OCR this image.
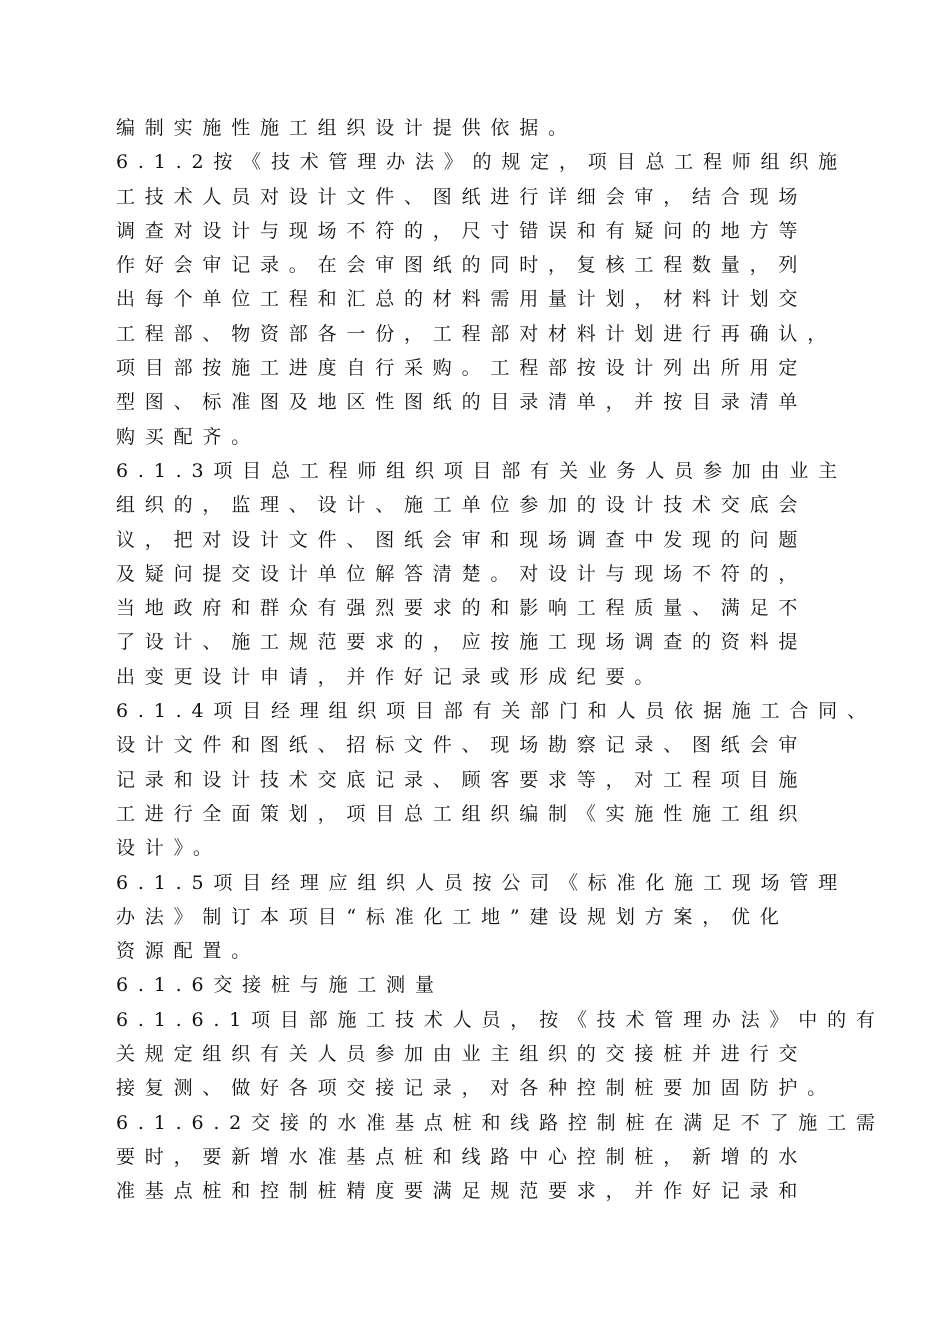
编制实施性施工组织设计提供依据。
6.1.2按《技术管理办法》的规定，项目总工程师组织施
工技术人员对设计文件、图纸进行详细会审，结合现场
调查对设计与现场不符的，尺寸错误和有疑问的地方等
作好会审记录。在会审图纸的同时，复核工程数量，列
出每个单位工程和汇总的材料需用量计划，材料计划交
工程部、物资部各一份，工程部对材料计划进行再确认，
项目部按施工进度自行采购。工程部按设计列出所用定
型图、标准图及地区性图纸的目录清单，并按目录清单
购买配齐。
6.1.3项目总工程师组织项目部有关业务人员参加由业主
组织的，监理、设计、施工单位参加的设计技术交底会
议，把对设计文件、图纸会审和现场调查中发现的问题
及疑问提交设计单位解答清楚。对设计与现场不符的，
当地政府和群众有强烈要求的和影响工程质量、满足不
了设计、施工规范要求的，应按施工现场调查的资料提
出变更设计申请，并作好记录或形成纪要。
6.1.4项目经理组织项目部有关部门和人员依据施工合同、
设计文件和图纸、招标文件、现场勘察记录、图纸会审
记录和设计技术交底记录、顾客要求等，对工程项目施
工进行全面策划，项目总工组织编制《实施性施工组织
设计》。
6.1.5项目经理应组织人员按公司《标准化施工现场管理
办法》制订本项目“标准化工地”建设规划方案，优化
资源配置。
6.1.6交接桩与施工测量
6.1.6.1项目部施工技术人员，按《技术管理办法》中的有
关规定组织有关人员参加由业主组织的交接桩并进行交
接复测、做好各项交接记录，对各种控制桩要加固防护。
6.1.6.2交接的水准基点桩和线路控制桩在满足不了施工需
要时，要新增水准基点桩和线路中心控制桩，新增的水
准基点桩和控制桩精度要满足规范要求，并作好记录和
